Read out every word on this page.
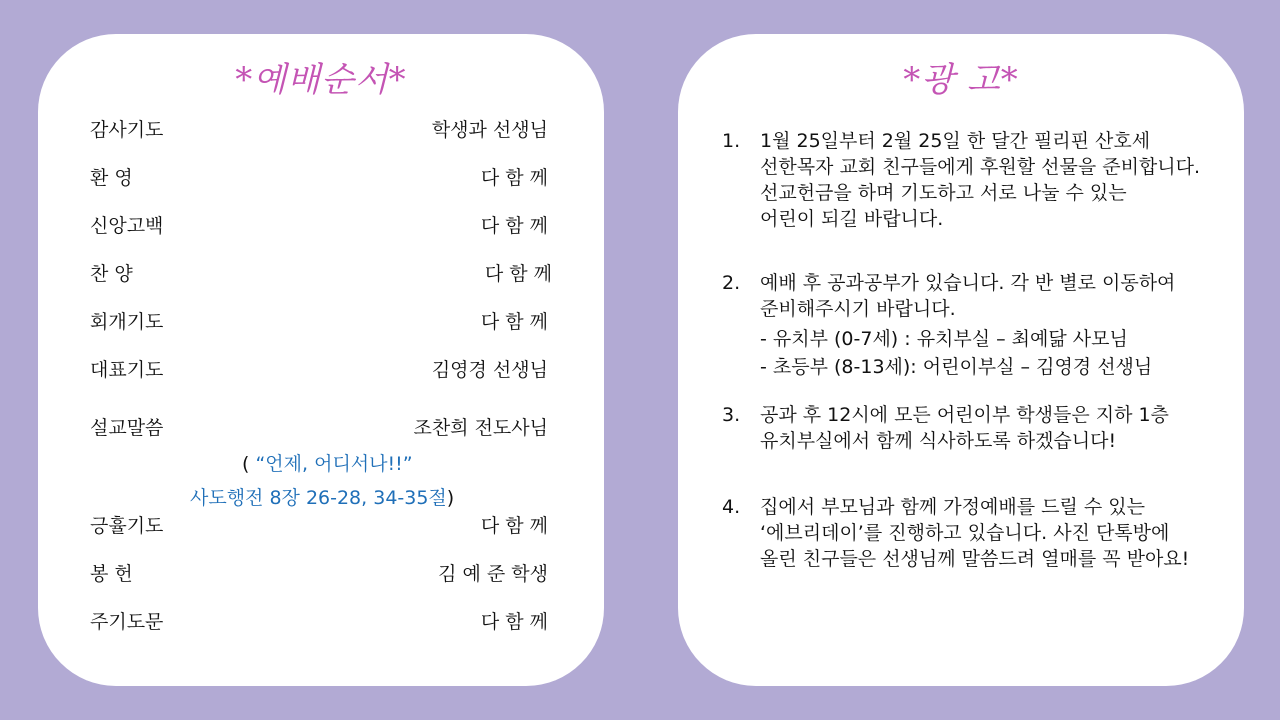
*예배순서*
감사기도	학생과 선생님
환 영	다 함 께
신앙고백	다 함 께
찬 양	다 함 께
회개기도	다 함 께
대표기도	김영경 선생님
설교말씀	조찬희 전도사님
( “언제, 어디서나!!”
사도행전 8장 26-28, 34-35절)
긍휼기도	다 함 께
봉 헌	김 예 준 학생
주기도문	다 함 께
*광 고*
1. 1월 25일부터 2월 25일 한 달간 필리핀 산호세
선한목자 교회 친구들에게 후원할 선물을 준비합니다.
선교헌금을 하며 기도하고 서로 나눌 수 있는
어린이 되길 바랍니다.
2. 예배 후 공과공부가 있습니다. 각 반 별로 이동하여
준비해주시기 바랍니다.
- 유치부 (0-7세) : 유치부실 – 최예닮 사모님
- 초등부 (8-13세): 어린이부실 – 김영경 선생님
3. 공과 후 12시에 모든 어린이부 학생들은 지하 1층
유치부실에서 함께 식사하도록 하겠습니다!
4. 집에서 부모님과 함께 가정예배를 드릴 수 있는
‘에브리데이’를 진행하고 있습니다. 사진 단톡방에
올린 친구들은 선생님께 말씀드려 열매를 꼭 받아요!
